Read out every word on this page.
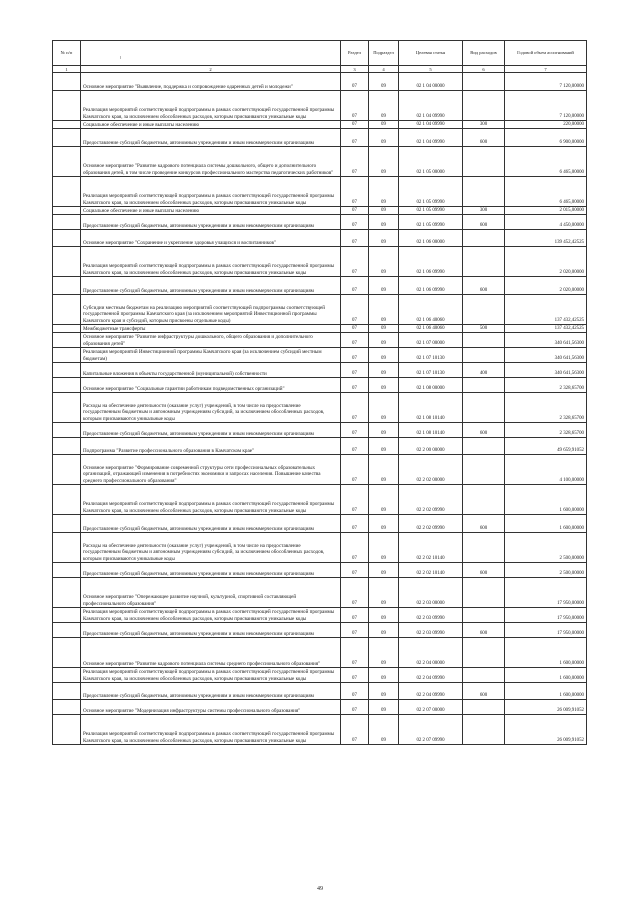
№ п/п		Раздел	Подраздел	Целевая статья	Вид расходов	Годовой объем ассигнований
1	2	3	4	5	6	7
	Основное мероприятие "Выявление, поддержка и сопровождение одаренных детей и молодежи"	07	09	02 1 04 00000		7 120,00000
	Реализация мероприятий соответствующей подпрограммы в рамках соответствующей государственной программы Камчатского края, за исключением обособленных расходов, которым присваиваются уникальные коды	07	09	02 1 04 09990		7 120,00000
	Социальное обеспечение и иные выплаты населению	07	09	02 1 04 09990	300	220,00000
	Предоставление субсидий бюджетным, автономным учреждениям и иным некоммерческим организациям	07	09	02 1 04 09990	600	6 900,00000
	Основное мероприятие "Развитие кадрового потенциала системы дошкольного, общего и дополнительного образования детей, в том числе проведение конкурсов профессионального мастерства педагогических работников"	07	09	02 1 05 00000		6 465,00000
	Реализация мероприятий соответствующей подпрограммы в рамках соответствующей государственной программы Камчатского края, за исключением обособленных расходов, которым присваиваются уникальные коды	07	09	02 1 05 09990		6 465,00000
	Социальное обеспечение и иные выплаты населению	07	09	02 1 05 09990	300	2 015,00000
	Предоставление субсидий бюджетным, автономным учреждениям и иным некоммерческим организациям	07	09	02 1 05 09990	600	4 450,00000
	Основное мероприятие "Сохранение и укрепление здоровья учащихся и воспитанников"	07	09	02 1 06 00000		139 452,42525
	Реализация мероприятий соответствующей подпрограммы в рамках соответствующей государственной программы Камчатского края, за исключением обособленных расходов, которым присваиваются уникальные коды	07	09	02 1 06 09990		2 020,00000
	Предоставление субсидий бюджетным, автономным учреждениям и иным некоммерческим организациям	07	09	02 1 06 09990	600	2 020,00000
	Субсидии местным бюджетам на реализацию мероприятий соответствующей подпрограммы соответствующей государственной программы Камчатского края (за исключением мероприятий Инвестиционной программы Камчатского края и субсидий, которым присвоены отдельные коды)	07	09	02 1 06 40060		137 432,42525
	Межбюджетные трансферты	07	09	02 1 06 40060	500	137 432,42525
	Основное мероприятие "Развитие инфраструктуры дошкольного, общего образования и дополнительного образования детей"	07	09	02 1 07 00000		340 641,56300
	Реализация мероприятий Инвестиционной программы Камчатского края (за исключением субсидий местным бюджетам)	07	09	02 1 07 10130		340 641,56300
	Капитальные вложения в объекты государственной (муниципальной) собственности	07	09	02 1 07 10130	400	340 641,56300
	Основное мероприятие "Социальные гарантии работникам подведомственных организаций"	07	09	02 1 08 00000		2 328,65700
	Расходы на обеспечение деятельности (оказание услуг) учреждений, в том числе на предоставление государственным бюджетным и автономным учреждениям субсидий, за исключением обособленных расходов, которым присваиваются уникальные коды	07	09	02 1 08 10140		2 328,65700
	Предоставление субсидий бюджетным, автономным учреждениям и иным некоммерческим организациям	07	09	02 1 08 10140	600	2 328,65700
	Подпрограмма "Развитие профессионального образования в Камчатском крае"	07	09	02 2 00 00000		49 659,91052
	Основное мероприятие "Формирование современной структуры сети профессиональных образовательных организаций, отражающей изменения в потребностях экономики и запросах населения. Повышение качества среднего профессионального образования"	07	09	02 2 02 00000		4 100,00000
	Реализация мероприятий соответствующей подпрограммы в рамках соответствующей государственной программы Камчатского края, за исключением обособленных расходов, которым присваиваются уникальные коды	07	09	02 2 02 09990		1 600,00000
	Предоставление субсидий бюджетным, автономным учреждениям и иным некоммерческим организациям	07	09	02 2 02 09990	600	1 600,00000
	Расходы на обеспечение деятельности (оказание услуг) учреждений, в том числе на предоставление государственным бюджетным и автономным учреждениям субсидий, за исключением обособленных расходов, которым присваиваются уникальные коды	07	09	02 2 02 10140		2 500,00000
	Предоставление субсидий бюджетным, автономным учреждениям и иным некоммерческим организациям	07	09	02 2 02 10140	600	2 500,00000
	Основное мероприятие "Опережающее развитие научной, культурной, спортивной составляющей профессионального образования"	07	09	02 2 03 00000		17 950,00000
	Реализация мероприятий соответствующей подпрограммы в рамках соответствующей государственной программы Камчатского края, за исключением обособленных расходов, которым присваиваются уникальные коды	07	09	02 2 03 09990		17 950,00000
	Предоставление субсидий бюджетным, автономным учреждениям и иным некоммерческим организациям	07	09	02 2 03 09990	600	17 950,00000
	Основное мероприятие "Развитие кадрового потенциала системы среднего профессионального образования"	07	09	02 2 04 00000		1 600,00000
	Реализация мероприятий соответствующей подпрограммы в рамках соответствующей государственной программы Камчатского края, за исключением обособленных расходов, которым присваиваются уникальные коды	07	09	02 2 04 09990		1 600,00000
	Предоставление субсидий бюджетным, автономным учреждениям и иным некоммерческим организациям	07	09	02 2 04 09990	600	1 600,00000
	Основное мероприятие "Модернизация инфраструктуры системы профессионального образования"	07	09	02 2 07 00000		26 009,91052
	Реализация мероприятий соответствующей подпрограммы в рамках соответствующей государственной программы Камчатского края, за исключением обособленных расходов, которым присваиваются уникальные коды	07	09	02 2 07 09990		26 009,91052
49
